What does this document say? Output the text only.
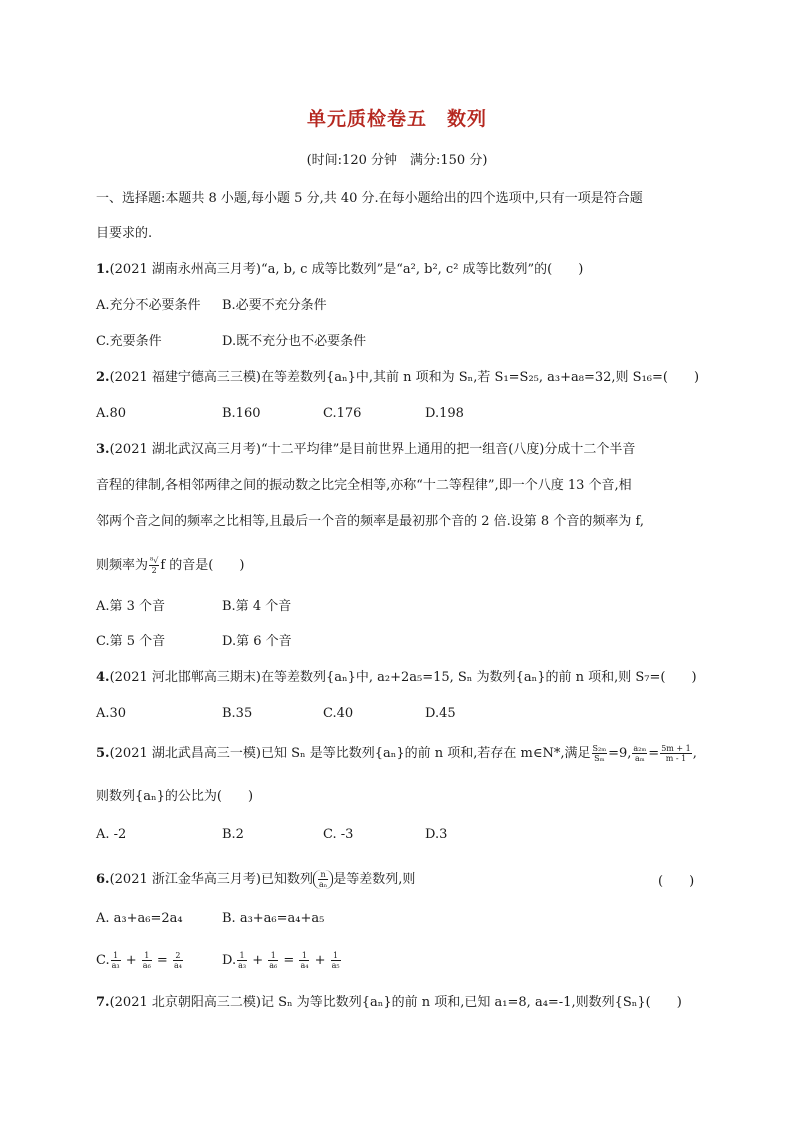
单元质检卷五　数列
(时间:120 分钟　满分:150 分)
一、选择题:本题共 8 小题,每小题 5 分,共 40 分.在每小题给出的四个选项中,只有一项是符合题
目要求的.
1.(2021 湖南永州高三月考)“a, b, c 成等比数列”是“a², b², c² 成等比数列”的(　　)
A.充分不必要条件 B.必要不充分条件
C.充要条件	D.既不充分也不必要条件
2.(2021 福建宁德高三三模)在等差数列{aₙ}中,其前 n 项和为 Sₙ,若 S₁=S₂₅, a₃+a₈=32,则 S₁₆=(　　)
A.80	B.160	C.176	D.198
3.(2021 湖北武汉高三月考)“十二平均律”是目前世界上通用的把一组音(八度)分成十二个半音
音程的律制,各相邻两律之间的振动数之比完全相等,亦称“十二等程律”,即一个八度 13 个音,相
邻两个音之间的频率之比相等,且最后一个音的频率是最初那个音的 2 倍.设第 8 个音的频率为 f,
则频率为 $\frac{\text{⁸√}}{2}$ f 的音是(　　)
A.第 3 个音	B.第 4 个音
C.第 5 个音	D.第 6 个音
4.(2021 河北邯郸高三期末)在等差数列{aₙ}中, a₂+2a₅=15, Sₙ 为数列{aₙ}的前 n 项和,则 S₇=(　　)
A.30	B.35	C.40	D.45
5.(2021 湖北武昌高三一模)已知 Sₙ 是等比数列{aₙ}的前 n 项和,若存在 m∈N*,满足 $\frac{\text{S₂ₘ}}{\text{Sₘ}} =9$, $\frac{\text{a₂ₘ}}{\text{aₘ}} = \frac{5m + 1}{m - 1}$ ,
则数列{aₙ}的公比为(　　)
A. -2	B.2	C. -3	D.3
6.(2021 浙江金华高三月考)已知数列 $\frac{n}{\text{aₙ}}$ 是等差数列,则	(　　)
A. a₃+a₆=2a₄	B. a₃+a₆=a₄+a₅
C. $\frac{1}{\text{a₃}} + \frac{1}{\text{a₆}} = \frac{2}{\text{a₄}}$	D. $\frac{1}{\text{a₃}} + \frac{1}{\text{a₆}} = \frac{1}{\text{a₄}} + \frac{1}{\text{a₅}}$
7.(2021 北京朝阳高三二模)记 Sₙ 为等比数列{aₙ}的前 n 项和,已知 a₁=8, a₄=-1,则数列{Sₙ}(　　)
